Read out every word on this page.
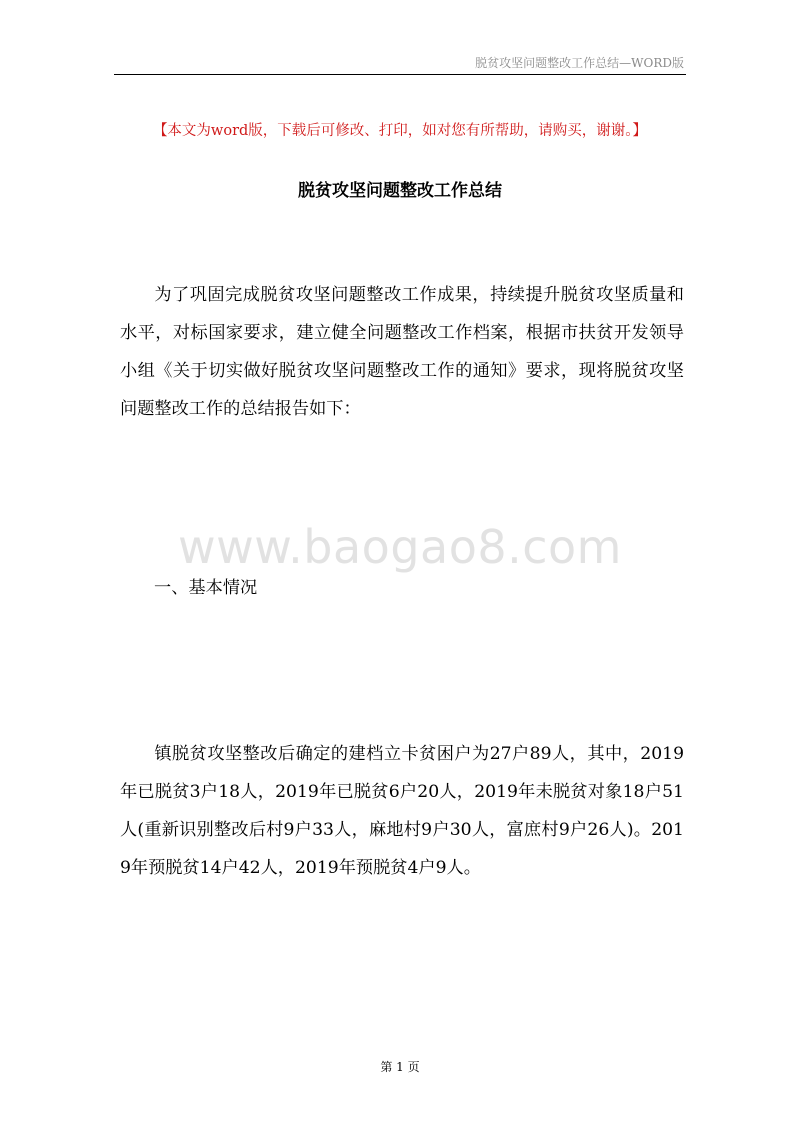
脱贫攻坚问题整改工作总结—WORD版
【本文为word版，下载后可修改、打印，如对您有所帮助，请购买，谢谢。】
脱贫攻坚问题整改工作总结

为了巩固完成脱贫攻坚问题整改工作成果，持续提升脱贫攻坚质量和水平，对标国家要求，建立健全问题整改工作档案，根据市扶贫开发领导小组《关于切实做好脱贫攻坚问题整改工作的通知》要求，现将脱贫攻坚问题整改工作的总结报告如下：

www.baogao8.com
一、基本情况

镇脱贫攻坚整改后确定的建档立卡贫困户为27户89人，其中，2019年已脱贫3户18人，2019年已脱贫6户20人，2019年未脱贫对象18户51人(重新识别整改后村9户33人，麻地村9户30人，富庶村9户26人)。2019年预脱贫14户42人，2019年预脱贫4户9人。

第 1 页
